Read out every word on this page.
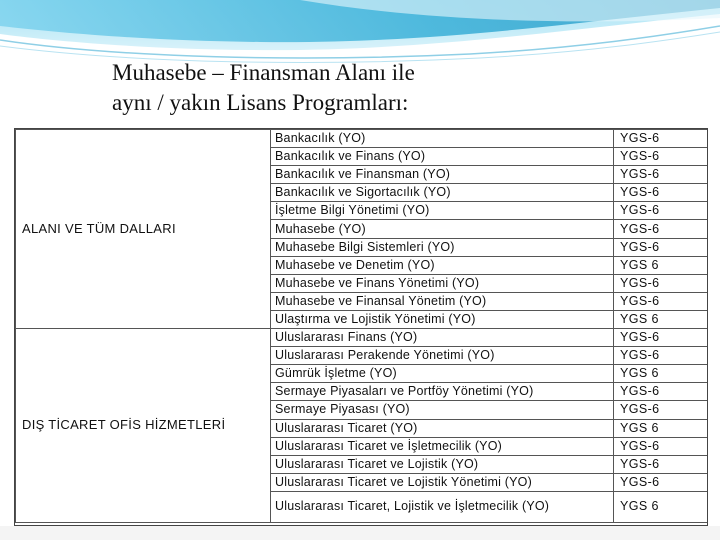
Muhasebe – Finansman Alanı ile
aynı / yakın Lisans Programları:
ALANI VE TÜM DALLARI	Bankacılık (YO)	YGS-6
	Bankacılık ve Finans (YO)	YGS-6
	Bankacılık ve Finansman (YO)	YGS-6
	Bankacılık ve Sigortacılık (YO)	YGS-6
	İşletme Bilgi Yönetimi (YO)	YGS-6
	Muhasebe (YO)	YGS-6
	Muhasebe Bilgi Sistemleri (YO)	YGS-6
	Muhasebe ve Denetim (YO)	YGS 6
	Muhasebe ve Finans Yönetimi (YO)	YGS-6
	Muhasebe ve Finansal Yönetim (YO)	YGS-6
	Ulaştırma ve Lojistik Yönetimi (YO)	YGS 6
DIŞ TİCARET OFİS HİZMETLERİ	Uluslararası Finans (YO)	YGS-6
	Uluslararası Perakende Yönetimi (YO)	YGS-6
	Gümrük İşletme (YO)	YGS 6
	Sermaye Piyasaları ve Portföy Yönetimi (YO)	YGS-6
	Sermaye Piyasası (YO)	YGS-6
	Uluslararası Ticaret (YO)	YGS 6
	Uluslararası Ticaret ve İşletmecilik (YO)	YGS-6
	Uluslararası Ticaret ve Lojistik (YO)	YGS-6
	Uluslararası Ticaret ve Lojistik Yönetimi (YO)	YGS-6
	Uluslararası Ticaret, Lojistik ve İşletmecilik (YO)	YGS 6
